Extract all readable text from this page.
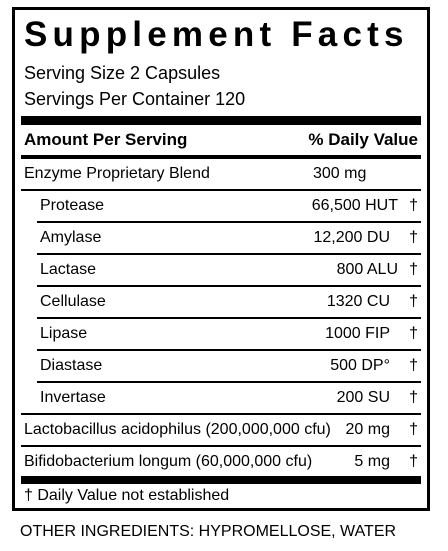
Supplement Facts
Serving Size 2 Capsules
Servings Per Container 120
Amount Per Serving	% Daily Value
Enzyme Proprietary Blend	300 mg
Protease	66,500 HUT †
Amylase	12,200 DU †
Lactase	800 ALU †
Cellulase	1320 CU †
Lipase	1000 FIP †
Diastase	500 DP° †
Invertase	200 SU †
Lactobacillus acidophilus (200,000,000 cfu) 20 mg †
Bifidobacterium longum (60,000,000 cfu)	5 mg †
† Daily Value not established
OTHER INGREDIENTS: HYPROMELLOSE, WATER
